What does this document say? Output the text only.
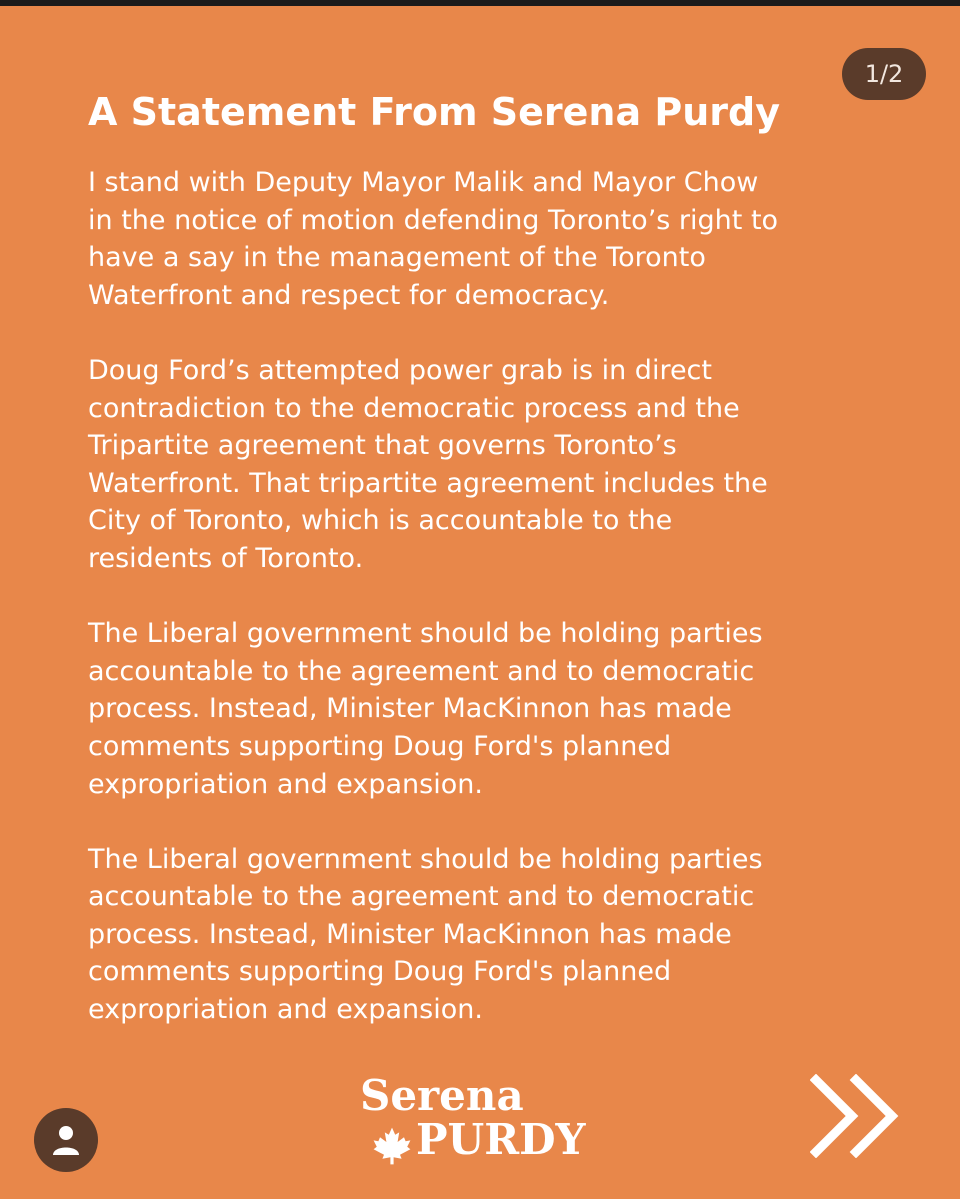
1/2
A Statement From Serena Purdy

I stand with Deputy Mayor Malik and Mayor Chow
in the notice of motion defending Toronto’s right to
have a say in the management of the Toronto
Waterfront and respect for democracy.

Doug Ford’s attempted power grab is in direct
contradiction to the democratic process and the
Tripartite agreement that governs Toronto’s
Waterfront. That tripartite agreement includes the
City of Toronto, which is accountable to the
residents of Toronto.

The Liberal government should be holding parties
accountable to the agreement and to democratic
process. Instead, Minister MacKinnon has made
comments supporting Doug Ford's planned
expropriation and expansion.

The Liberal government should be holding parties
accountable to the agreement and to democratic
process. Instead, Minister MacKinnon has made
comments supporting Doug Ford's planned
expropriation and expansion.

Serena
PURDY
